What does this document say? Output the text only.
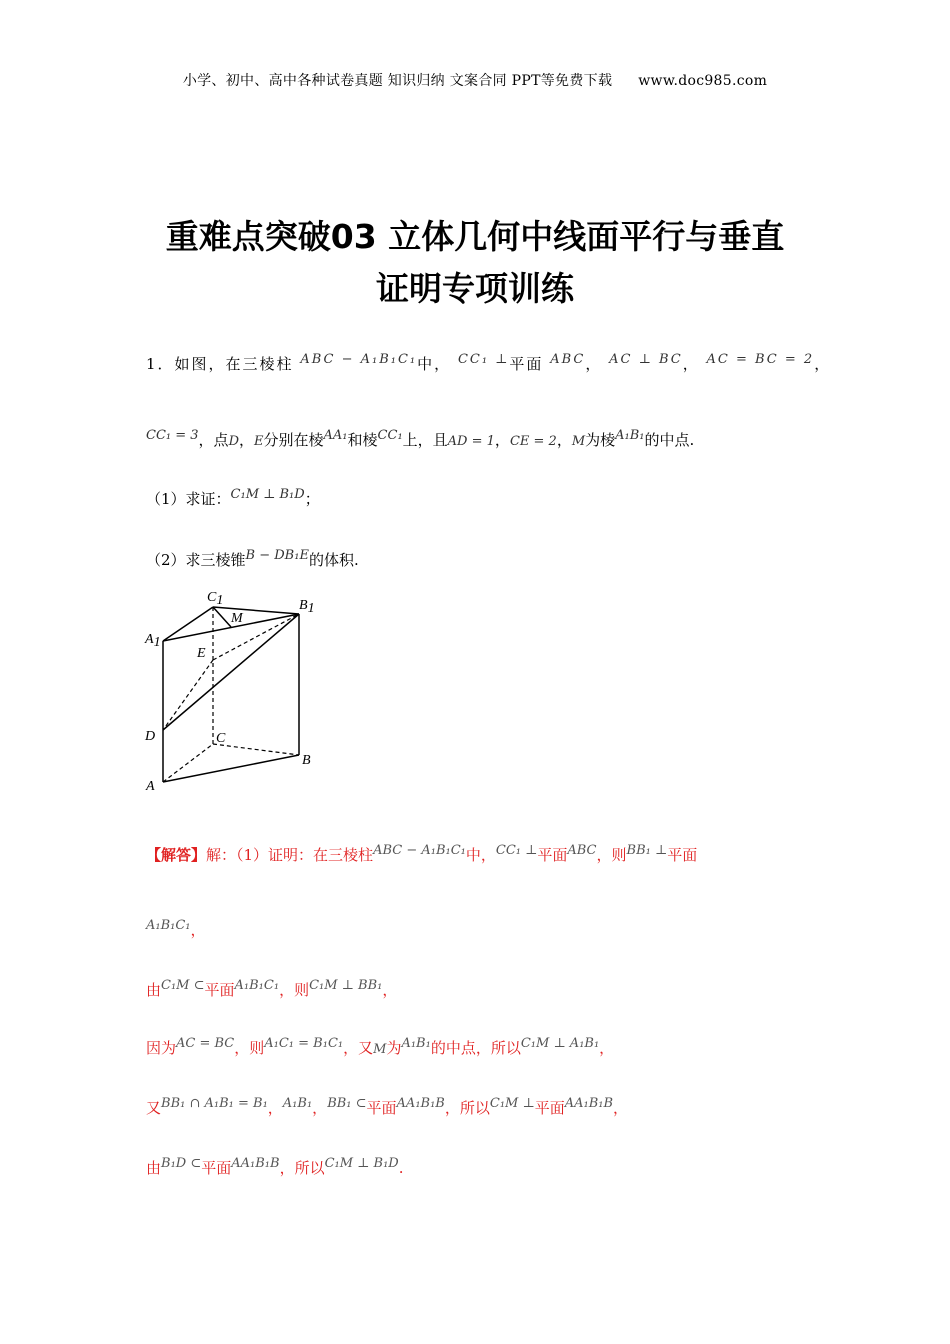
小学、初中、高中各种试卷真题 知识归纳 文案合同 PPT等免费下载 www.doc985.com
重难点突破03 立体几何中线面平行与垂直
证明专项训练
1．如图，在三棱柱 ABC − A₁B₁C₁中， CC₁ ⊥平面 ABC， AC ⊥ BC， AC = BC = 2，
CC₁ = 3，点D，E分别在棱AA₁和棱CC₁上，且AD = 1，CE = 2，M为棱A₁B₁的中点.
（1）求证：C₁M ⊥ B₁D；
（2）求三棱锥B − DB₁E的体积.
C1	B1
M
A1
E
D	C
B
A
【解答】解：（1）证明：在三棱柱ABC − A₁B₁C₁中，CC₁ ⊥平面ABC，则BB₁ ⊥平面
A₁B₁C₁，
由C₁M ⊂平面A₁B₁C₁，则C₁M ⊥ BB₁，
因为AC = BC，则A₁C₁ = B₁C₁，又M为A₁B₁的中点，所以C₁M ⊥ A₁B₁，
又BB₁ ∩ A₁B₁ = B₁，A₁B₁，BB₁ ⊂平面AA₁B₁B，所以C₁M ⊥平面AA₁B₁B，
由B₁D ⊂平面AA₁B₁B，所以C₁M ⊥ B₁D.
